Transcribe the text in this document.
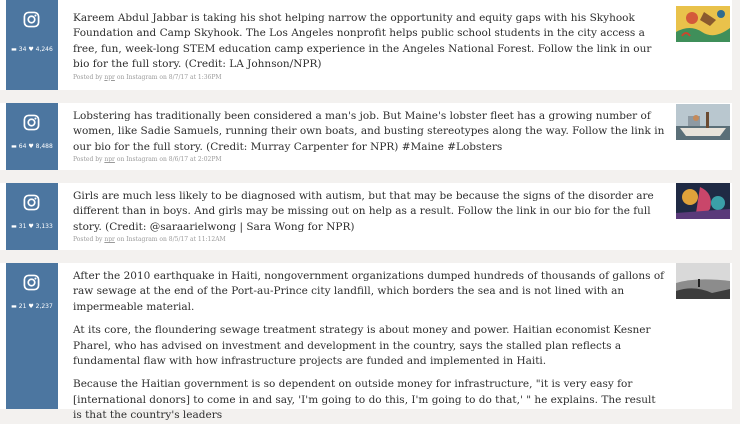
▬ 34 ♥ 4,246

Kareem Abdul Jabbar is taking his shot helping narrow the opportunity and equity gaps with his Skyhook Foundation and Camp Skyhook. The Los Angeles nonprofit helps public school students in the city access a free, fun, week-long STEM education camp experience in the Angeles National Forest. Follow the link in our bio for the full story. (Credit: LA Johnson/NPR)

Posted by npr on Instagram on 8/7/17 at 1:36PM
▬ 64 ♥ 8,488

Lobstering has traditionally been considered a man's job. But Maine's lobster fleet has a growing number of women, like Sadie Samuels, running their own boats, and busting stereotypes along the way. Follow the link in our bio for the full story. (Credit: Murray Carpenter for NPR) #Maine #Lobsters

Posted by npr on Instagram on 8/6/17 at 2:02PM
▬ 31 ♥ 3,133

Girls are much less likely to be diagnosed with autism, but that may be because the signs of the disorder are different than in boys. And girls may be missing out on help as a result. Follow the link in our bio for the full story. (Credit: @saraarielwong | Sara Wong for NPR)

Posted by npr on Instagram on 8/5/17 at 11:12AM
▬ 21 ♥ 2,237

After the 2010 earthquake in Haiti, nongovernment organizations dumped hundreds of thousands of gallons of raw sewage at the end of the Port-au-Prince city landfill, which borders the sea and is not lined with an impermeable material.

At its core, the floundering sewage treatment strategy is about money and power. Haitian economist Kesner Pharel, who has advised on investment and development in the country, says the stalled plan reflects a fundamental flaw with how infrastructure projects are funded and implemented in Haiti.

Because the Haitian government is so dependent on outside money for infrastructure, "it is very easy for [international donors] to come in and say, 'I'm going to do this, I'm going to do that,' " he explains. The result is that the country's leaders
